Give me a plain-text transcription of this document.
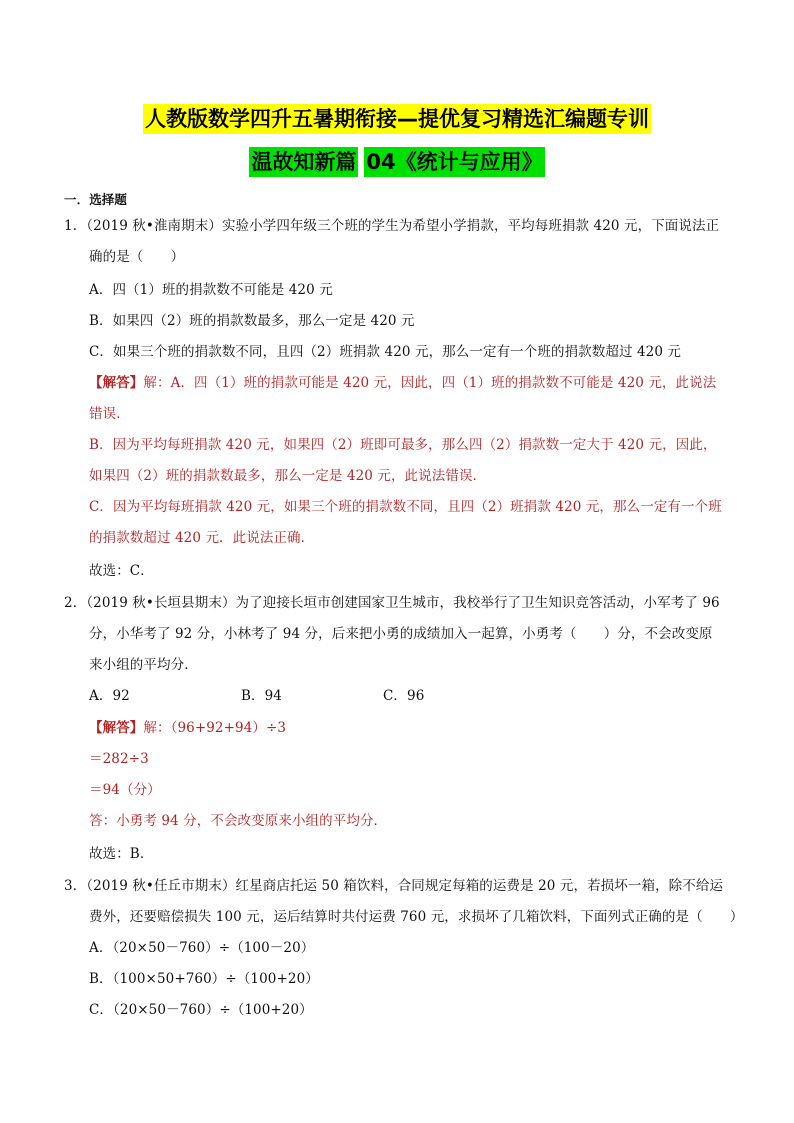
人教版数学四升五暑期衔接—提优复习精选汇编题专训
温故知新篇 04《统计与应用》
一．选择题
1．（2019 秋•淮南期末）实验小学四年级三个班的学生为希望小学捐款，平均每班捐款 420 元，下面说法正
确的是（　　）
A．四（1）班的捐款数不可能是 420 元
B．如果四（2）班的捐款数最多，那么一定是 420 元
C．如果三个班的捐款数不同，且四（2）班捐款 420 元，那么一定有一个班的捐款数超过 420 元
【解答】解：A．四（1）班的捐款可能是 420 元，因此，四（1）班的捐款数不可能是 420 元，此说法
错误．
B．因为平均每班捐款 420 元，如果四（2）班即可最多，那么四（2）捐款数一定大于 420 元，因此，
如果四（2）班的捐款数最多，那么一定是 420 元，此说法错误．
C．因为平均每班捐款 420 元，如果三个班的捐款数不同，且四（2）班捐款 420 元，那么一定有一个班
的捐款数超过 420 元．此说法正确．
故选：C．
2．（2019 秋•长垣县期末）为了迎接长垣市创建国家卫生城市，我校举行了卫生知识竞答活动，小军考了 96
分，小华考了 92 分，小林考了 94 分，后来把小勇的成绩加入一起算，小勇考（　　）分，不会改变原
来小组的平均分．
A．92	B．94	C．96
【解答】解：（96+92+94）÷3
＝282÷3
＝94（分）
答：小勇考 94 分，不会改变原来小组的平均分．
故选：B．
3．（2019 秋•任丘市期末）红星商店托运 50 箱饮料，合同规定每箱的运费是 20 元，若损坏一箱，除不给运
费外，还要赔偿损失 100 元，运后结算时共付运费 760 元，求损坏了几箱饮料，下面列式正确的是（　　）
A．（20×50－760）÷（100－20）
B．（100×50+760）÷（100+20）
C．（20×50－760）÷（100+20）
